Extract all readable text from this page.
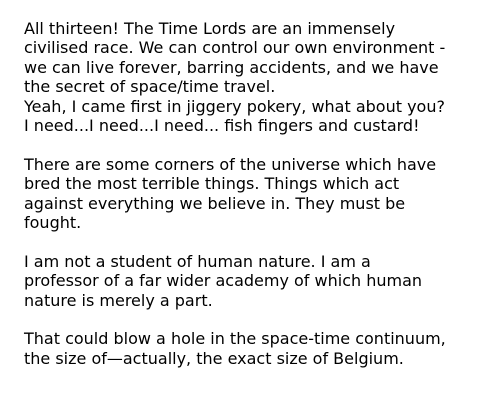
All thirteen! The Time Lords are an immensely
civilised race. We can control our own environment -
we can live forever, barring accidents, and we have
the secret of space/time travel.
Yeah, I came first in jiggery pokery, what about you?
I need...I need...I need... fish fingers and custard!

There are some corners of the universe which have
bred the most terrible things. Things which act
against everything we believe in. They must be
fought.

I am not a student of human nature. I am a
professor of a far wider academy of which human
nature is merely a part.

That could blow a hole in the space-time continuum,
the size of—actually, the exact size of Belgium.
